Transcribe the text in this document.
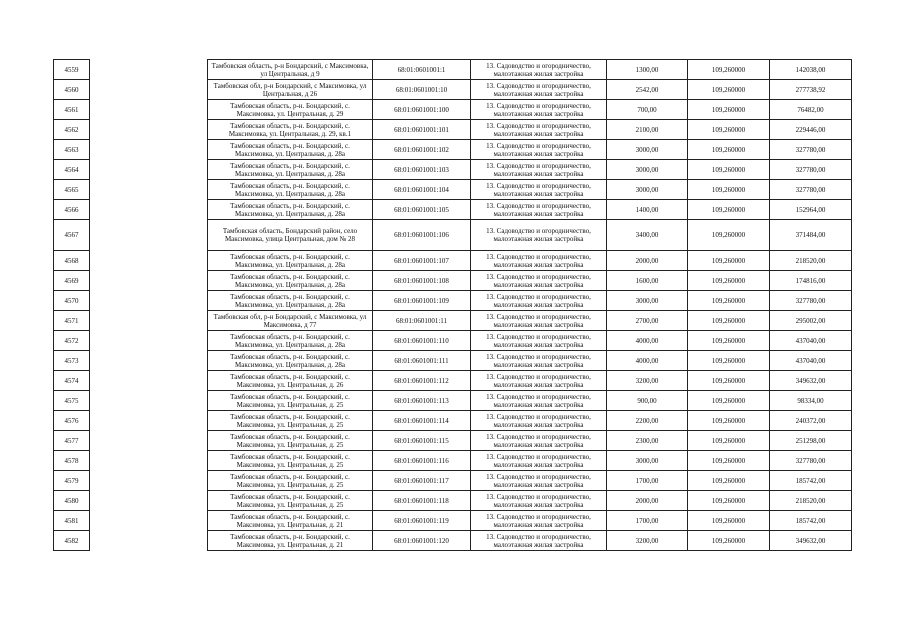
4559		Тамбовская область, р-н Бондарский, с Максимовка, ул Центральная, д 9	68:01:0601001:1	13. Садоводство и огородничество, малоэтажная жилая застройка	1300,00	109,260000	142038,00
4560		Тамбовская обл, р-н Бондарский, с Максимовка, ул Центральная, д 26	68:01:0601001:10	13. Садоводство и огородничество, малоэтажная жилая застройка	2542,00	109,260000	277738,92
4561		Тамбовская область, р-н. Бондарский, с. Максимовка, ул. Центральная, д. 29	68:01:0601001:100	13. Садоводство и огородничество, малоэтажная жилая застройка	700,00	109,260000	76482,00
4562		Тамбовская область, р-н. Бондарский, с. Максимовка, ул. Центральная, д. 29, кв.1	68:01:0601001:101	13. Садоводство и огородничество, малоэтажная жилая застройка	2100,00	109,260000	229446,00
4563		Тамбовская область, р-н. Бондарский, с. Максимовка, ул. Центральная, д. 28а	68:01:0601001:102	13. Садоводство и огородничество, малоэтажная жилая застройка	3000,00	109,260000	327780,00
4564		Тамбовская область, р-н. Бондарский, с. Максимовка, ул. Центральная, д. 28а	68:01:0601001:103	13. Садоводство и огородничество, малоэтажная жилая застройка	3000,00	109,260000	327780,00
4565		Тамбовская область, р-н. Бондарский, с. Максимовка, ул. Центральная, д. 28а	68:01:0601001:104	13. Садоводство и огородничество, малоэтажная жилая застройка	3000,00	109,260000	327780,00
4566		Тамбовская область, р-н. Бондарский, с. Максимовка, ул. Центральная, д. 28а	68:01:0601001:105	13. Садоводство и огородничество, малоэтажная жилая застройка	1400,00	109,260000	152964,00
4567		Тамбовская область, Бондарский район, село Максимовка, улица Центральная, дом № 28	68:01:0601001:106	13. Садоводство и огородничество, малоэтажная жилая застройка	3400,00	109,260000	371484,00
4568		Тамбовская область, р-н. Бондарский, с. Максимовка, ул. Центральная, д. 28а	68:01:0601001:107	13. Садоводство и огородничество, малоэтажная жилая застройка	2000,00	109,260000	218520,00
4569		Тамбовская область, р-н. Бондарский, с. Максимовка, ул. Центральная, д. 28а	68:01:0601001:108	13. Садоводство и огородничество, малоэтажная жилая застройка	1600,00	109,260000	174816,00
4570		Тамбовская область, р-н. Бондарский, с. Максимовка, ул. Центральная, д. 28а	68:01:0601001:109	13. Садоводство и огородничество, малоэтажная жилая застройка	3000,00	109,260000	327780,00
4571		Тамбовская обл, р-н Бондарский, с Максимовка, ул Максимовка, д 77	68:01:0601001:11	13. Садоводство и огородничество, малоэтажная жилая застройка	2700,00	109,260000	295002,00
4572		Тамбовская область, р-н. Бондарский, с. Максимовка, ул. Центральная, д. 28а	68:01:0601001:110	13. Садоводство и огородничество, малоэтажная жилая застройка	4000,00	109,260000	437040,00
4573		Тамбовская область, р-н. Бондарский, с. Максимовка, ул. Центральная, д. 28а	68:01:0601001:111	13. Садоводство и огородничество, малоэтажная жилая застройка	4000,00	109,260000	437040,00
4574		Тамбовская область, р-н. Бондарский, с. Максимовка, ул. Центральная, д. 26	68:01:0601001:112	13. Садоводство и огородничество, малоэтажная жилая застройка	3200,00	109,260000	349632,00
4575		Тамбовская область, р-н. Бондарский, с. Максимовка, ул. Центральная, д. 25	68:01:0601001:113	13. Садоводство и огородничество, малоэтажная жилая застройка	900,00	109,260000	98334,00
4576		Тамбовская область, р-н. Бондарский, с. Максимовка, ул. Центральная, д. 25	68:01:0601001:114	13. Садоводство и огородничество, малоэтажная жилая застройка	2200,00	109,260000	240372,00
4577		Тамбовская область, р-н. Бондарский, с. Максимовка, ул. Центральная, д. 25	68:01:0601001:115	13. Садоводство и огородничество, малоэтажная жилая застройка	2300,00	109,260000	251298,00
4578		Тамбовская область, р-н. Бондарский, с. Максимовка, ул. Центральная, д. 25	68:01:0601001:116	13. Садоводство и огородничество, малоэтажная жилая застройка	3000,00	109,260000	327780,00
4579		Тамбовская область, р-н. Бондарский, с. Максимовка, ул. Центральная, д. 25	68:01:0601001:117	13. Садоводство и огородничество, малоэтажная жилая застройка	1700,00	109,260000	185742,00
4580		Тамбовская область, р-н. Бондарский, с. Максимовка, ул. Центральная, д. 25	68:01:0601001:118	13. Садоводство и огородничество, малоэтажная жилая застройка	2000,00	109,260000	218520,00
4581		Тамбовская область, р-н. Бондарский, с. Максимовка, ул. Центральная, д. 21	68:01:0601001:119	13. Садоводство и огородничество, малоэтажная жилая застройка	1700,00	109,260000	185742,00
4582		Тамбовская область, р-н. Бондарский, с. Максимовка, ул. Центральная, д. 21	68:01:0601001:120	13. Садоводство и огородничество, малоэтажная жилая застройка	3200,00	109,260000	349632,00
